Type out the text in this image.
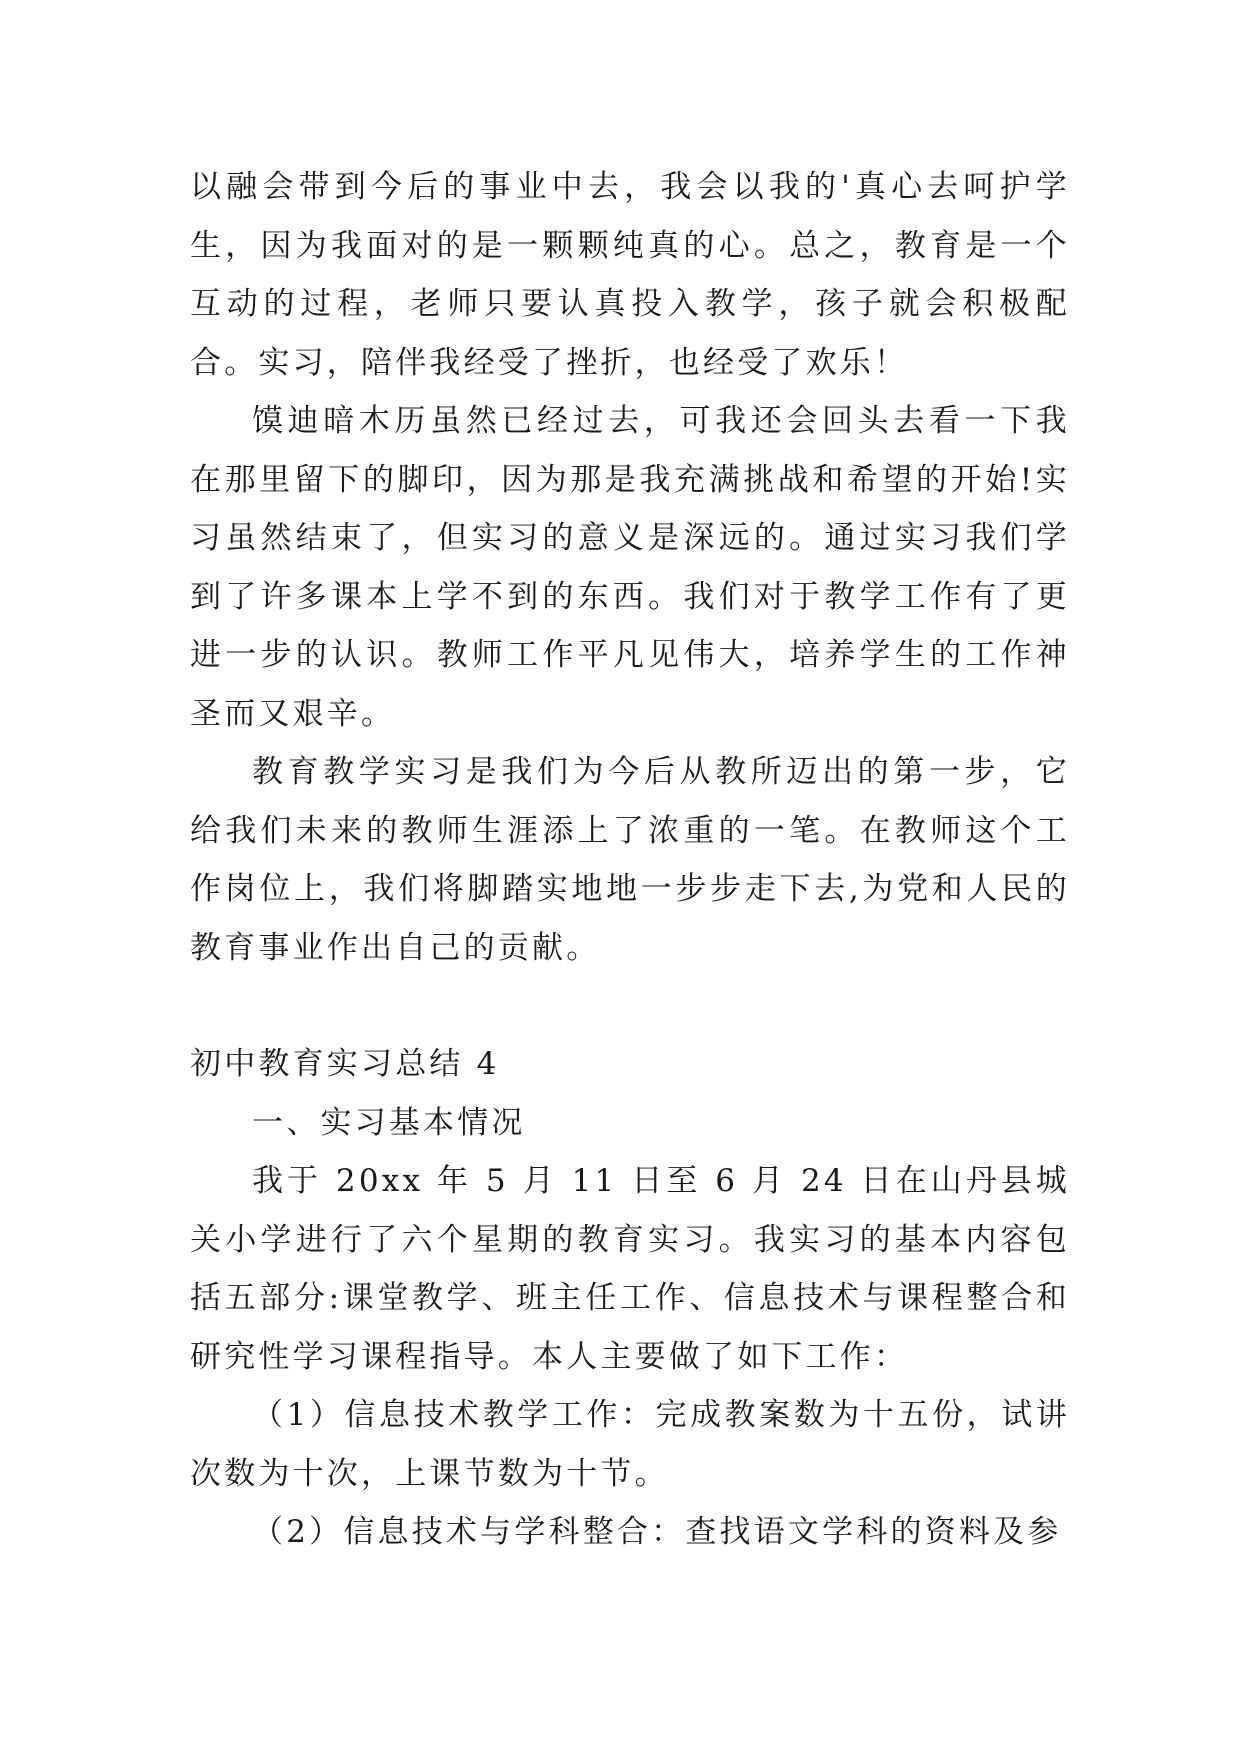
以融会带到今后的事业中去，我会以我的'真心去呵护学生，因为我面对的是一颗颗纯真的心。总之，教育是一个互动的过程，老师只要认真投入教学，孩子就会积极配合。实习，陪伴我经受了挫折，也经受了欢乐！

馍迪暗木历虽然已经过去，可我还会回头去看一下我在那里留下的脚印，因为那是我充满挑战和希望的开始!实习虽然结束了，但实习的意义是深远的。通过实习我们学到了许多课本上学不到的东西。我们对于教学工作有了更进一步的认识。教师工作平凡见伟大，培养学生的工作神圣而又艰辛。

教育教学实习是我们为今后从教所迈出的第一步，它给我们未来的教师生涯添上了浓重的一笔。在教师这个工作岗位上，我们将脚踏实地地一步步走下去,为党和人民的教育事业作出自己的贡献。

初中教育实习总结 4

一、实习基本情况

我于 20xx 年 5 月 11 日至 6 月 24 日在山丹县城关小学进行了六个星期的教育实习。我实习的基本内容包括五部分:课堂教学、班主任工作、信息技术与课程整合和研究性学习课程指导。本人主要做了如下工作：

（1）信息技术教学工作：完成教案数为十五份，试讲次数为十次，上课节数为十节。

（2）信息技术与学科整合：查找语文学科的资料及参
